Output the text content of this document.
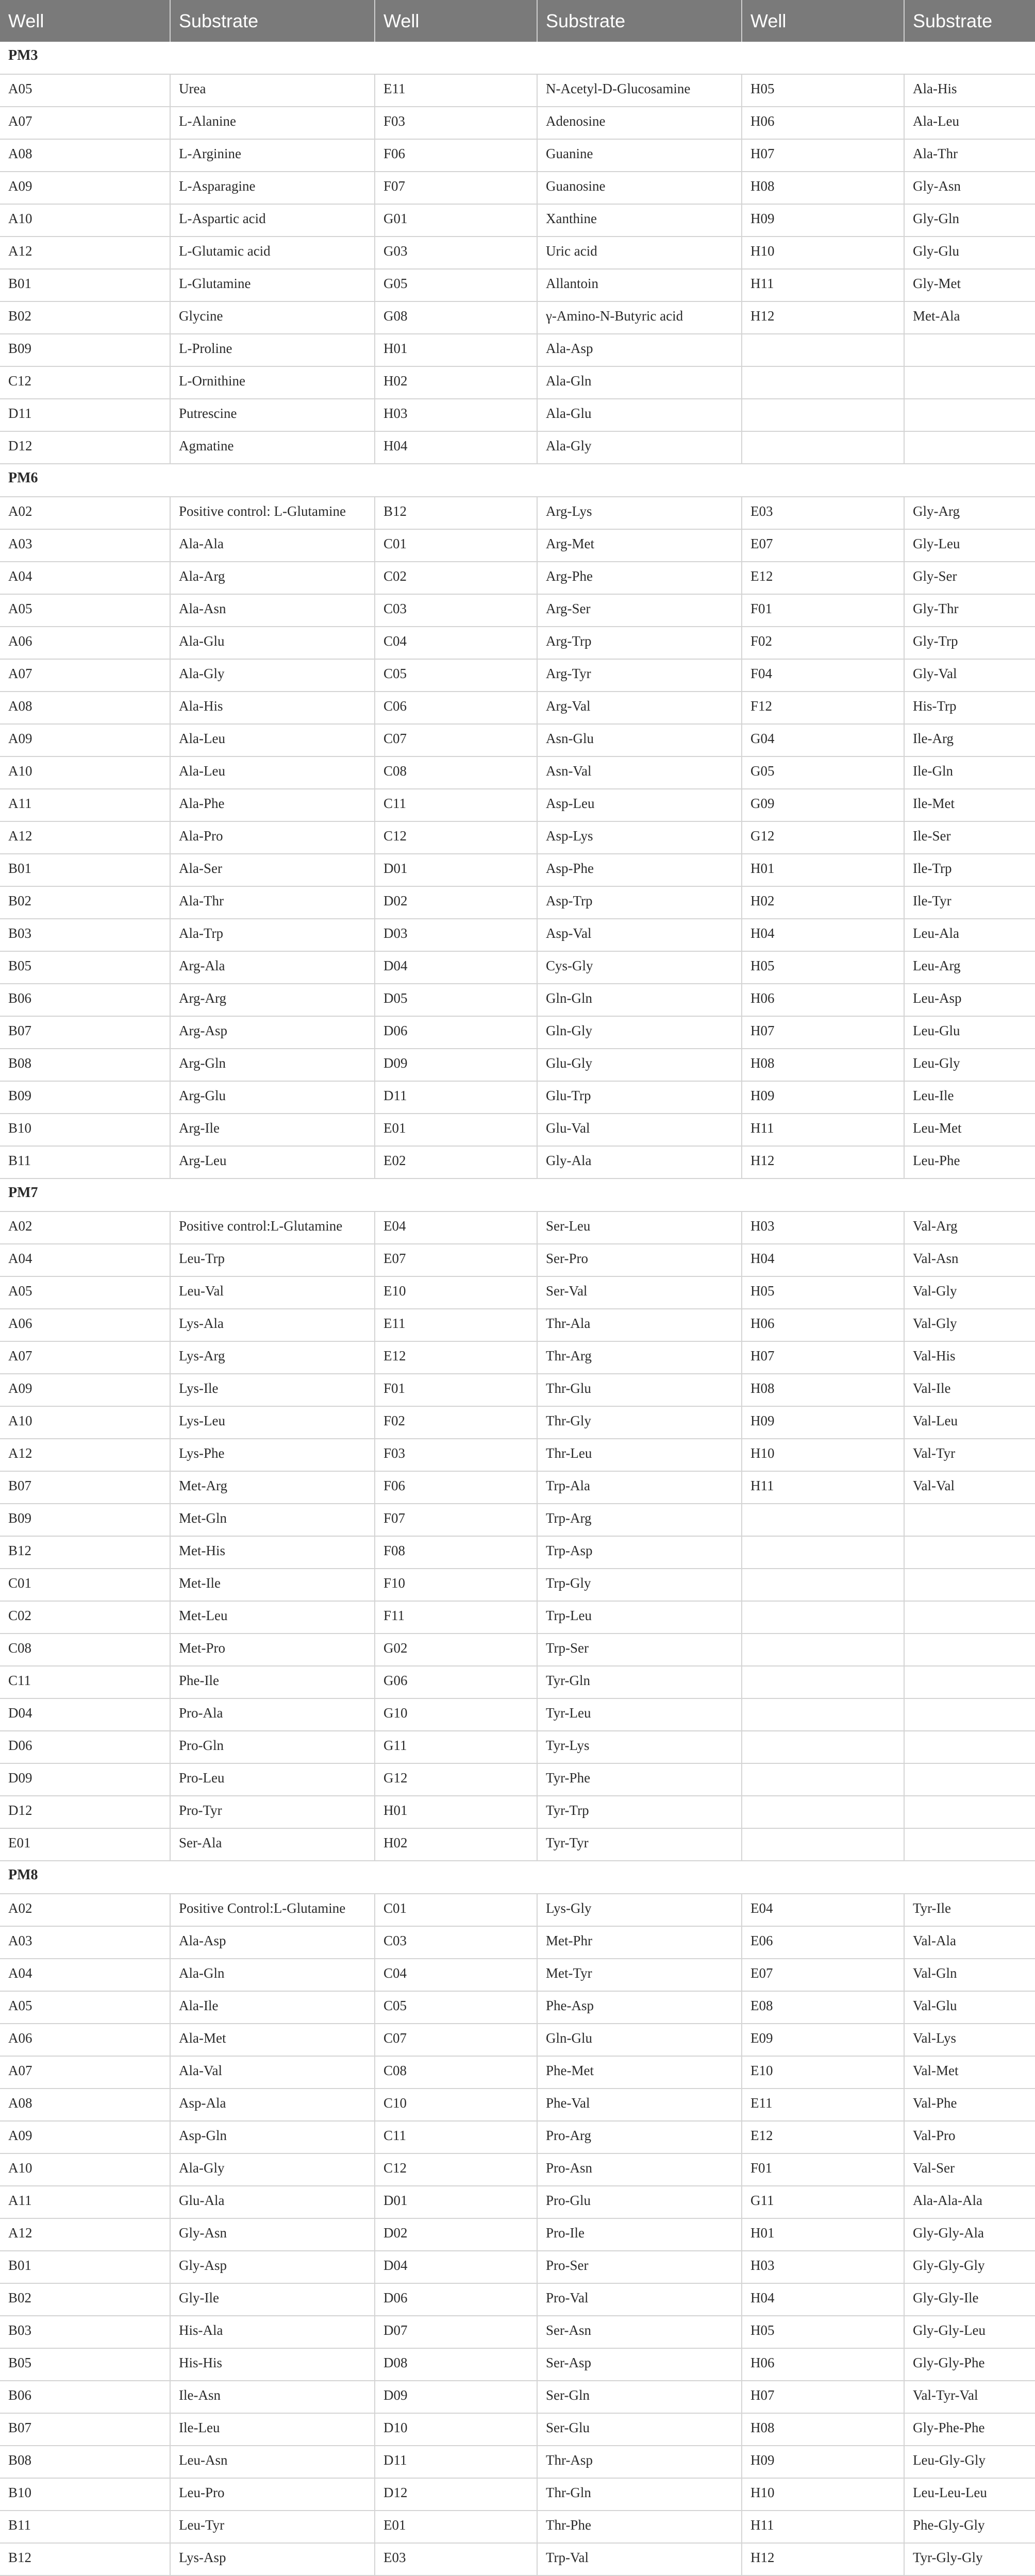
Well	Substrate	Well	Substrate	Well	Substrate
PM3					
A05	Urea	E11	N-Acetyl-D-Glucosamine	H05	Ala-His
A07	L-Alanine	F03	Adenosine	H06	Ala-Leu
A08	L-Arginine	F06	Guanine	H07	Ala-Thr
A09	L-Asparagine	F07	Guanosine	H08	Gly-Asn
A10	L-Aspartic acid	G01	Xanthine	H09	Gly-Gln
A12	L-Glutamic acid	G03	Uric acid	H10	Gly-Glu
B01	L-Glutamine	G05	Allantoin	H11	Gly-Met
B02	Glycine	G08	γ-Amino-N-Butyric acid	H12	Met-Ala
B09	L-Proline	H01	Ala-Asp		
C12	L-Ornithine	H02	Ala-Gln		
D11	Putrescine	H03	Ala-Glu		
D12	Agmatine	H04	Ala-Gly		
PM6					
A02	Positive control: L-Glutamine	B12	Arg-Lys	E03	Gly-Arg
A03	Ala-Ala	C01	Arg-Met	E07	Gly-Leu
A04	Ala-Arg	C02	Arg-Phe	E12	Gly-Ser
A05	Ala-Asn	C03	Arg-Ser	F01	Gly-Thr
A06	Ala-Glu	C04	Arg-Trp	F02	Gly-Trp
A07	Ala-Gly	C05	Arg-Tyr	F04	Gly-Val
A08	Ala-His	C06	Arg-Val	F12	His-Trp
A09	Ala-Leu	C07	Asn-Glu	G04	Ile-Arg
A10	Ala-Leu	C08	Asn-Val	G05	Ile-Gln
A11	Ala-Phe	C11	Asp-Leu	G09	Ile-Met
A12	Ala-Pro	C12	Asp-Lys	G12	Ile-Ser
B01	Ala-Ser	D01	Asp-Phe	H01	Ile-Trp
B02	Ala-Thr	D02	Asp-Trp	H02	Ile-Tyr
B03	Ala-Trp	D03	Asp-Val	H04	Leu-Ala
B05	Arg-Ala	D04	Cys-Gly	H05	Leu-Arg
B06	Arg-Arg	D05	Gln-Gln	H06	Leu-Asp
B07	Arg-Asp	D06	Gln-Gly	H07	Leu-Glu
B08	Arg-Gln	D09	Glu-Gly	H08	Leu-Gly
B09	Arg-Glu	D11	Glu-Trp	H09	Leu-Ile
B10	Arg-Ile	E01	Glu-Val	H11	Leu-Met
B11	Arg-Leu	E02	Gly-Ala	H12	Leu-Phe
PM7					
A02	Positive control:L-Glutamine	E04	Ser-Leu	H03	Val-Arg
A04	Leu-Trp	E07	Ser-Pro	H04	Val-Asn
A05	Leu-Val	E10	Ser-Val	H05	Val-Gly
A06	Lys-Ala	E11	Thr-Ala	H06	Val-Gly
A07	Lys-Arg	E12	Thr-Arg	H07	Val-His
A09	Lys-Ile	F01	Thr-Glu	H08	Val-Ile
A10	Lys-Leu	F02	Thr-Gly	H09	Val-Leu
A12	Lys-Phe	F03	Thr-Leu	H10	Val-Tyr
B07	Met-Arg	F06	Trp-Ala	H11	Val-Val
B09	Met-Gln	F07	Trp-Arg		
B12	Met-His	F08	Trp-Asp		
C01	Met-Ile	F10	Trp-Gly		
C02	Met-Leu	F11	Trp-Leu		
C08	Met-Pro	G02	Trp-Ser		
C11	Phe-Ile	G06	Tyr-Gln		
D04	Pro-Ala	G10	Tyr-Leu		
D06	Pro-Gln	G11	Tyr-Lys		
D09	Pro-Leu	G12	Tyr-Phe		
D12	Pro-Tyr	H01	Tyr-Trp		
E01	Ser-Ala	H02	Tyr-Tyr		
PM8					
A02	Positive Control:L-Glutamine	C01	Lys-Gly	E04	Tyr-Ile
A03	Ala-Asp	C03	Met-Phr	E06	Val-Ala
A04	Ala-Gln	C04	Met-Tyr	E07	Val-Gln
A05	Ala-Ile	C05	Phe-Asp	E08	Val-Glu
A06	Ala-Met	C07	Gln-Glu	E09	Val-Lys
A07	Ala-Val	C08	Phe-Met	E10	Val-Met
A08	Asp-Ala	C10	Phe-Val	E11	Val-Phe
A09	Asp-Gln	C11	Pro-Arg	E12	Val-Pro
A10	Ala-Gly	C12	Pro-Asn	F01	Val-Ser
A11	Glu-Ala	D01	Pro-Glu	G11	Ala-Ala-Ala
A12	Gly-Asn	D02	Pro-Ile	H01	Gly-Gly-Ala
B01	Gly-Asp	D04	Pro-Ser	H03	Gly-Gly-Gly
B02	Gly-Ile	D06	Pro-Val	H04	Gly-Gly-Ile
B03	His-Ala	D07	Ser-Asn	H05	Gly-Gly-Leu
B05	His-His	D08	Ser-Asp	H06	Gly-Gly-Phe
B06	Ile-Asn	D09	Ser-Gln	H07	Val-Tyr-Val
B07	Ile-Leu	D10	Ser-Glu	H08	Gly-Phe-Phe
B08	Leu-Asn	D11	Thr-Asp	H09	Leu-Gly-Gly
B10	Leu-Pro	D12	Thr-Gln	H10	Leu-Leu-Leu
B11	Leu-Tyr	E01	Thr-Phe	H11	Phe-Gly-Gly
B12	Lys-Asp	E03	Trp-Val	H12	Tyr-Gly-Gly
